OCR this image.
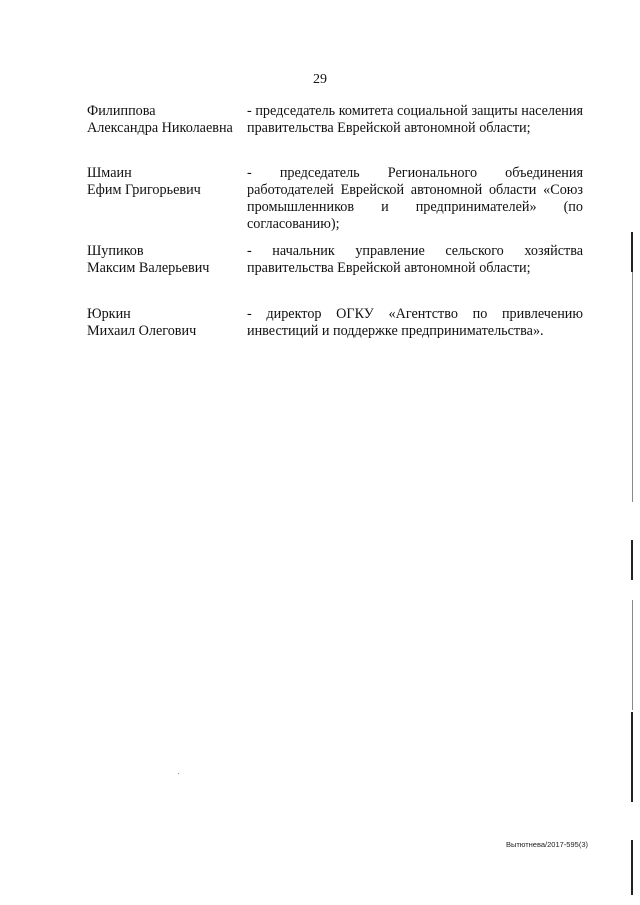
29
Филиппова
Александра Николаевна
- председатель комитета социальной защиты населения правительства Еврейской автономной области;
Шмаин
Ефим Григорьевич
- председатель Регионального объединения работодателей Еврейской автономной области «Союз промышленников и предпринимателей» (по согласованию);
Шупиков
Максим Валерьевич
- начальник управление сельского хозяйства правительства Еврейской автономной области;
Юркин
Михаил Олегович
- директор ОГКУ «Агентство по привлечению инвестиций и поддержке предпринимательства».
Вытютнева/2017-595(3)
